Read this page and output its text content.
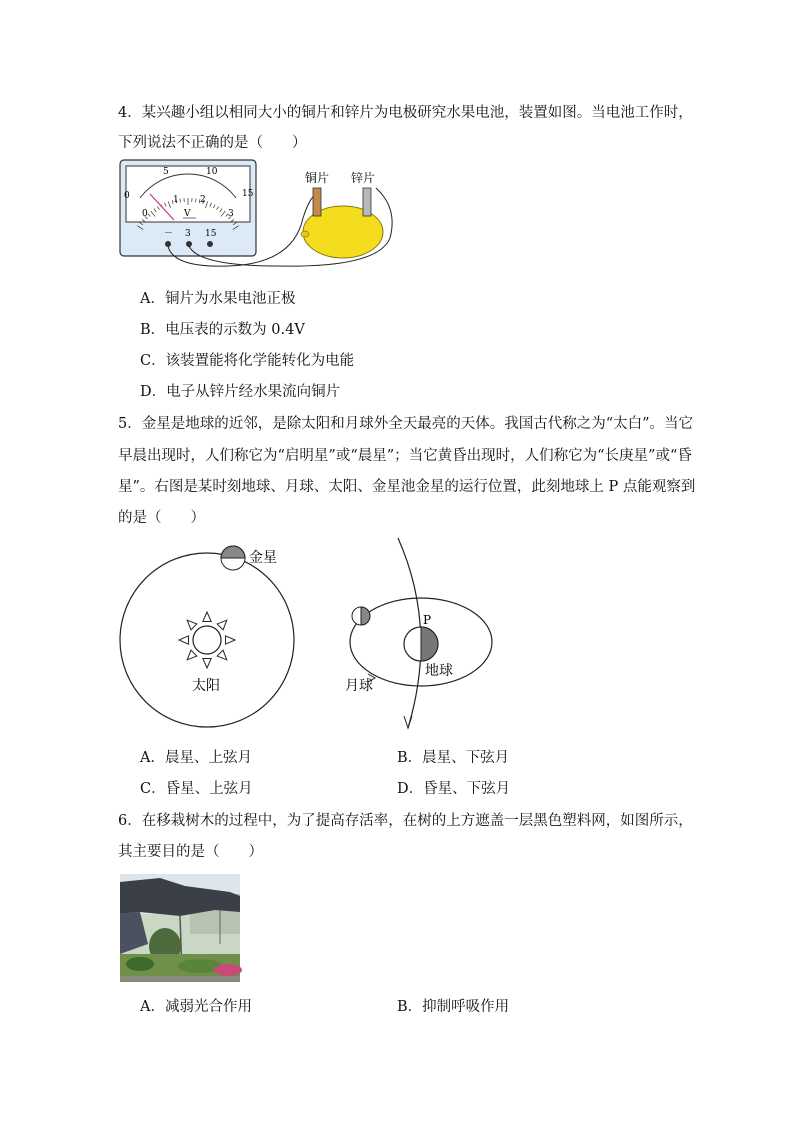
4．某兴趣小组以相同大小的铜片和锌片为电极研究水果电池，装置如图。当电池工作时，
下列说法不正确的是（　　）
0
5	10
15
0
1 2
3
V
－ 3 15
铜片 锌片
A．铜片为水果电池正极
B．电压表的示数为 0.4V
C．该装置能将化学能转化为电能
D．电子从锌片经水果流向铜片
5．金星是地球的近邻，是除太阳和月球外全天最亮的天体。我国古代称之为“太白”。当它
早晨出现时，人们称它为“启明星”或“晨星”；当它黄昏出现时，人们称它为“长庚星”或“昏
星”。右图是某时刻地球、月球、太阳、金星池金星的运行位置，此刻地球上 P 点能观察到
的是（　　）
金星
太阳
P
地球
月球
A．晨星、上弦月	B．晨星、下弦月
C．昏星、上弦月	D．昏星、下弦月
6．在移栽树木的过程中，为了提高存活率，在树的上方遮盖一层黑色塑料网，如图所示，
其主要目的是（　　）
A．减弱光合作用	B．抑制呼吸作用
